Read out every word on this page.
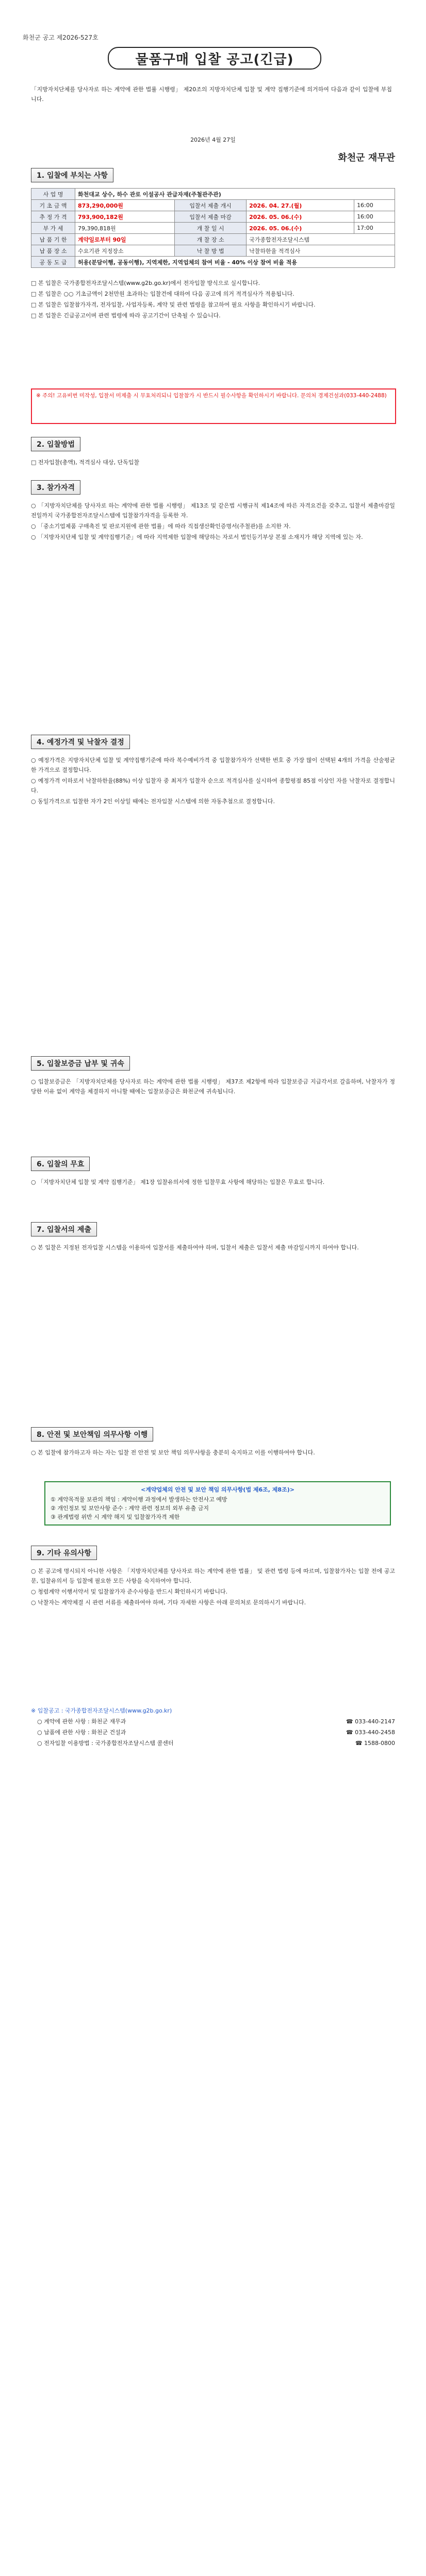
화천군 공고 제2026-527호
물품구매 입찰 공고(긴급)
「지방자치단체를 당사자로 하는 계약에 관한 법률 시행령」 제20조의 지방자치단체 입찰 및 계약 집행기준에 의거하여 다음과 같이 입찰에 부칩니다.
2026년 4월 27일
화천군 재무관
1. 입찰에 부치는 사항
사 업 명	화천대교 상수, 하수 관로 이설공사 관급자재(주철관주관)			
기 초 금 액	873,290,000원	입찰서 제출 개시	2026. 04. 27.(월)	16:00
추 정 가 격	793,900,182원	입찰서 제출 마감	2026. 05. 06.(수)	16:00
부 가 세	79,390,818원	개 찰 일 시	2026. 05. 06.(수)	17:00
납 품 기 한	계약일로부터 90일	개 찰 장 소	국가종합전자조달시스템	
납 품 장 소	수요기관 지정장소	낙 찰 방 법	낙찰하한율 적격심사	
공 동 도 급	허용(분담이행, 공동이행), 지역제한, 지역업체의 참여 비율 - 40% 이상 참여 비율 적용			

□ 본 입찰은 국가종합전자조달시스템(www.g2b.go.kr)에서 전자입찰 방식으로 실시합니다.

□ 본 입찰은 ○○ 기초금액이 2천만원 초과하는 입찰건에 대하여 다음 공고에 의거 적격심사가 적용됩니다.

□ 본 입찰은 입찰참가자격, 전자입찰, 사업자등록, 계약 및 관련 법령을 참고하여 필요 사항을 확인하시기 바랍니다.

□ 본 입찰은 긴급공고이며 관련 법령에 따라 공고기간이 단축될 수 있습니다.

※ 주의! 고유비번 미작성, 입찰서 미제출 시 무효처리되니 입찰참가 시 반드시 필수사항을 확인하시기 바랍니다. 문의처 경제건설과(033-440-2488)
2. 입찰방법
□ 전자입찰(총액), 적격심사 대상, 단독입찰
3. 참가자격

○ 「지방자치단체를 당사자로 하는 계약에 관한 법률 시행령」 제13조 및 같은법 시행규칙 제14조에 따른 자격요건을 갖추고, 입찰서 제출마감일 전일까지 국가종합전자조달시스템에 입찰참가자격을 등록한 자.

○ 「중소기업제품 구매촉진 및 판로지원에 관한 법률」에 따라 직접생산확인증명서(주철관)를 소지한 자.

○ 「지방자치단체 입찰 및 계약집행기준」에 따라 지역제한 입찰에 해당하는 자로서 법인등기부상 본점 소재지가 해당 지역에 있는 자.

4. 예정가격 및 낙찰자 결정

○ 예정가격은 지방자치단체 입찰 및 계약집행기준에 따라 복수예비가격 중 입찰참가자가 선택한 번호 중 가장 많이 선택된 4개의 가격을 산술평균한 가격으로 결정합니다.

○ 예정가격 이하로서 낙찰하한율(88%) 이상 입찰자 중 최저가 입찰자 순으로 적격심사를 실시하여 종합평점 85점 이상인 자를 낙찰자로 결정합니다.

○ 동일가격으로 입찰한 자가 2인 이상일 때에는 전자입찰 시스템에 의한 자동추첨으로 결정합니다.

5. 입찰보증금 납부 및 귀속
○ 입찰보증금은 「지방자치단체를 당사자로 하는 계약에 관한 법률 시행령」 제37조 제2항에 따라 입찰보증금 지급각서로 갈음하며, 낙찰자가 정당한 이유 없이 계약을 체결하지 아니할 때에는 입찰보증금은 화천군에 귀속됩니다.
6. 입찰의 무효
○ 「지방자치단체 입찰 및 계약 집행기준」 제1장 입찰유의서에 정한 입찰무효 사항에 해당하는 입찰은 무효로 합니다.
7. 입찰서의 제출
○ 본 입찰은 지정된 전자입찰 시스템을 이용하여 입찰서를 제출하여야 하며, 입찰서 제출은 입찰서 제출 마감일시까지 하여야 합니다.
8. 안전 및 보안책임 의무사항 이행
○ 본 입찰에 참가하고자 하는 자는 입찰 전 안전 및 보안 책임 의무사항을 충분히 숙지하고 이를 이행하여야 합니다.
<계약업체의 안전 및 보안 책임 의무사항(법 제6조, 제8조)>
① 계약목적물 보관의 책임 : 계약이행 과정에서 발생하는 안전사고 예방
② 개인정보 및 보안사항 준수 : 계약 관련 정보의 외부 유출 금지
③ 관계법령 위반 시 계약 해지 및 입찰참가자격 제한
9. 기타 유의사항

○ 본 공고에 명시되지 아니한 사항은 「지방자치단체를 당사자로 하는 계약에 관한 법률」 및 관련 법령 등에 따르며, 입찰참가자는 입찰 전에 공고문, 입찰유의서 등 입찰에 필요한 모든 사항을 숙지하여야 합니다.

○ 청렴계약 이행서약서 및 입찰참가자 준수사항을 반드시 확인하시기 바랍니다.

○ 낙찰자는 계약체결 시 관련 서류를 제출하여야 하며, 기타 자세한 사항은 아래 문의처로 문의하시기 바랍니다.

※ 입찰공고 : 국가종합전자조달시스템(www.g2b.go.kr)
○ 계약에 관한 사항 : 화천군 재무과	☎ 033-440-2147
○ 납품에 관한 사항 : 화천군 건설과	☎ 033-440-2458
○ 전자입찰 이용방법 : 국가종합전자조달시스템 콜센터	☎ 1588-0800
